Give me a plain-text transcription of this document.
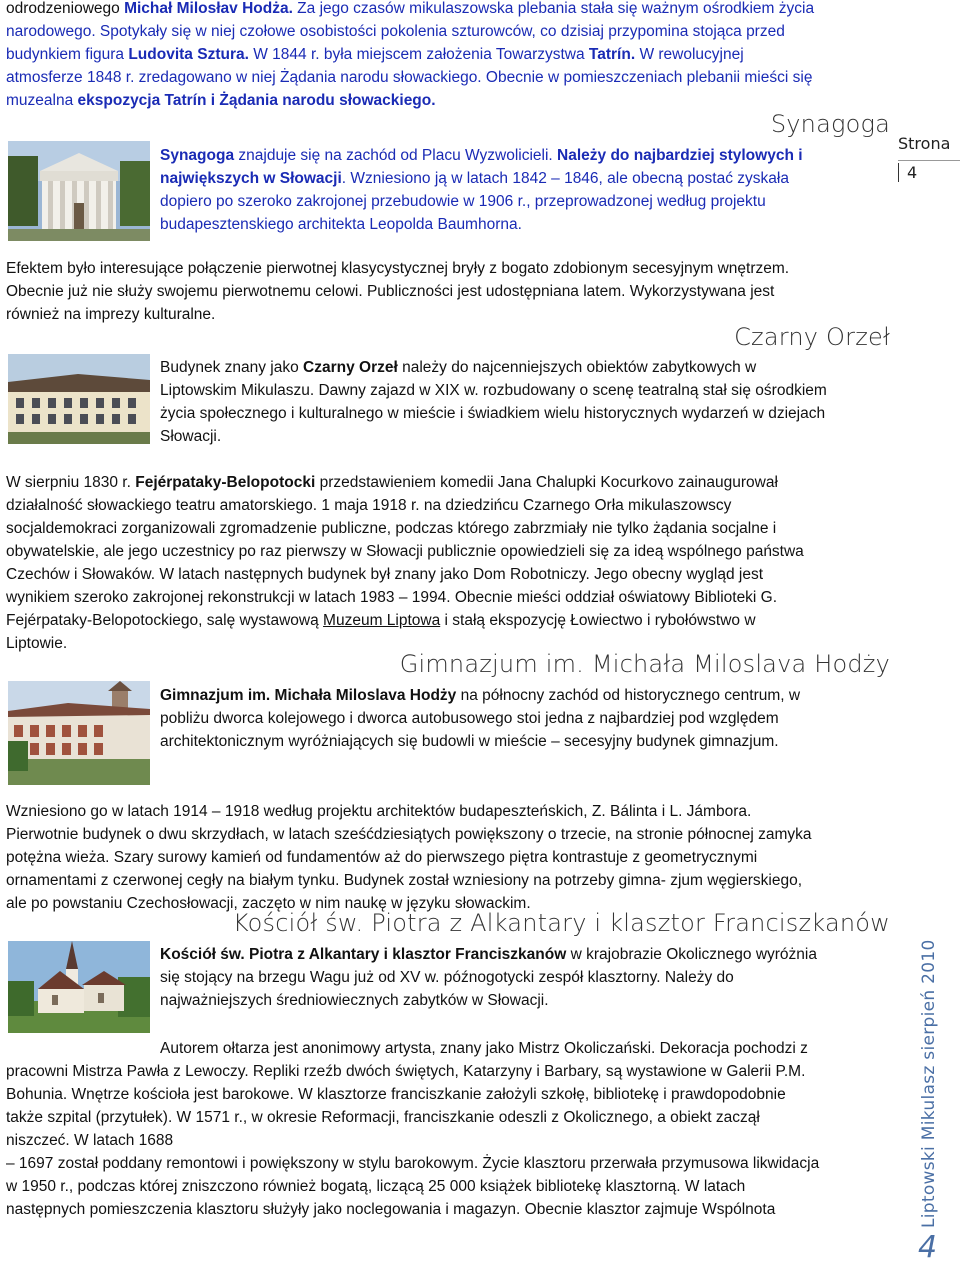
odrodzeniowego Michał Milosłav Hodża. Za jego czasów mikulaszowska plebania stała się ważnym ośrodkiem życia
narodowego. Spotykały się w niej czołowe osobistości pokolenia szturowców, co dzisiaj przypomina stojąca przed
budynkiem figura Ludovita Sztura. W 1844 r. była miejscem założenia Towarzystwa Tatrín. W rewolucyjnej
atmosferze 1848 r. zredagowano w niej Żądania narodu słowackiego. Obecnie w pomieszczeniach plebanii mieści się
muzealna ekspozycja Tatrín i Żądania narodu słowackiego.
Strona
4
Synagoga
Synagoga znajduje się na zachód od Placu Wyzwolicieli. Należy do najbardziej stylowych i
największych w Słowacji. Wzniesiono ją w latach 1842 – 1846, ale obecną postać zyskała
dopiero po szeroko zakrojonej przebudowie w 1906 r., przeprowadzonej według projektu
budapesztenskiego architekta Leopolda Baumhorna.
Efektem było interesujące połączenie pierwotnej klasycystycznej bryły z bogato zdobionym secesyjnym wnętrzem.
Obecnie już nie służy swojemu pierwotnemu celowi. Publiczności jest udostępniana latem. Wykorzystywana jest
również na imprezy kulturalne.
Czarny Orzeł
Budynek znany jako Czarny Orzeł należy do najcenniejszych obiektów zabytkowych w
Liptowskim Mikulaszu. Dawny zajazd w XIX w. rozbudowany o scenę teatralną stał się ośrodkiem
życia społecznego i kulturalnego w mieście i świadkiem wielu historycznych wydarzeń w dziejach
Słowacji.
W sierpniu 1830 r. Fejérpataky-Belopotocki przedstawieniem komedii Jana Chalupki Kocurkovo zainaugurował
działalność słowackiego teatru amatorskiego. 1 maja 1918 r. na dziedzińcu Czarnego Orła mikulaszowscy
socjaldemokraci zorganizowali zgromadzenie publiczne, podczas którego zabrzmiały nie tylko żądania socjalne i
obywatelskie, ale jego uczestnicy po raz pierwszy w Słowacji publicznie opowiedzieli się za ideą wspólnego państwa
Czechów i Słowaków. W latach następnych budynek był znany jako Dom Robotniczy. Jego obecny wygląd jest
wynikiem szeroko zakrojonej rekonstrukcji w latach 1983 – 1994. Obecnie mieści oddział oświatowy Biblioteki G.
Fejérpataky-Belopotockiego, salę wystawową Muzeum Liptowa i stałą ekspozycję Łowiectwo i rybołówstwo w
Liptowie.
Gimnazjum im. Michała Miloslava Hodży
Gimnazjum im. Michała Miloslava Hodży na północny zachód od historycznego centrum, w
pobliżu dworca kolejowego i dworca autobusowego stoi jedna z najbardziej pod względem
architektonicznym wyróżniających się budowli w mieście – secesyjny budynek gimnazjum.
Wzniesiono go w latach 1914 – 1918 według projektu architektów budapeszteńskich, Z. Bálinta i L. Jámbora.
Pierwotnie budynek o dwu skrzydłach, w latach sześćdziesiątych powiększony o trzecie, na stronie północnej zamyka
potężna wieża. Szary surowy kamień od fundamentów aż do pierwszego piętra kontrastuje z geometrycznymi
ornamentami z czerwonej cegły na białym tynku. Budynek został wzniesiony na potrzeby gimna- zjum węgierskiego,
ale po powstaniu Czechosłowacji, zaczęto w nim naukę w języku słowackim.
Kościół św. Piotra z Alkantary i klasztor Franciszkanów
Kościół św. Piotra z Alkantary i klasztor Franciszkanów w krajobrazie Okolicznego wyróżnia
się stojący na brzegu Wagu już od XV w. późnogotycki zespół klasztorny. Należy do
najważniejszych średniowiecznych zabytków w Słowacji.
Autorem ołtarza jest anonimowy artysta, znany jako Mistrz Okoliczański. Dekoracja pochodzi z
pracowni Mistrza Pawła z Lewoczy. Repliki rzeźb dwóch świętych, Katarzyny i Barbary, są wystawione w Galerii P.M.
Bohunia. Wnętrze kościoła jest barokowe. W klasztorze franciszkanie założyli szkołę, bibliotekę i prawdopodobnie
także szpital (przytułek). W 1571 r., w okresie Reformacji, franciszkanie odeszli z Okolicznego, a obiekt zaczął
niszczeć. W latach 1688
– 1697 został poddany remontowi i powiększony w stylu barokowym. Życie klasztoru przerwała przymusowa likwidacja
w 1950 r., podczas której zniszczono również bogatą, liczącą 25 000 książek bibliotekę klasztorną. W latach
następnych pomieszczenia klasztoru służyły jako noclegowania i magazyn. Obecnie klasztor zajmuje Wspólnota	Liptowski Mikulasz sierpień 2010
4
